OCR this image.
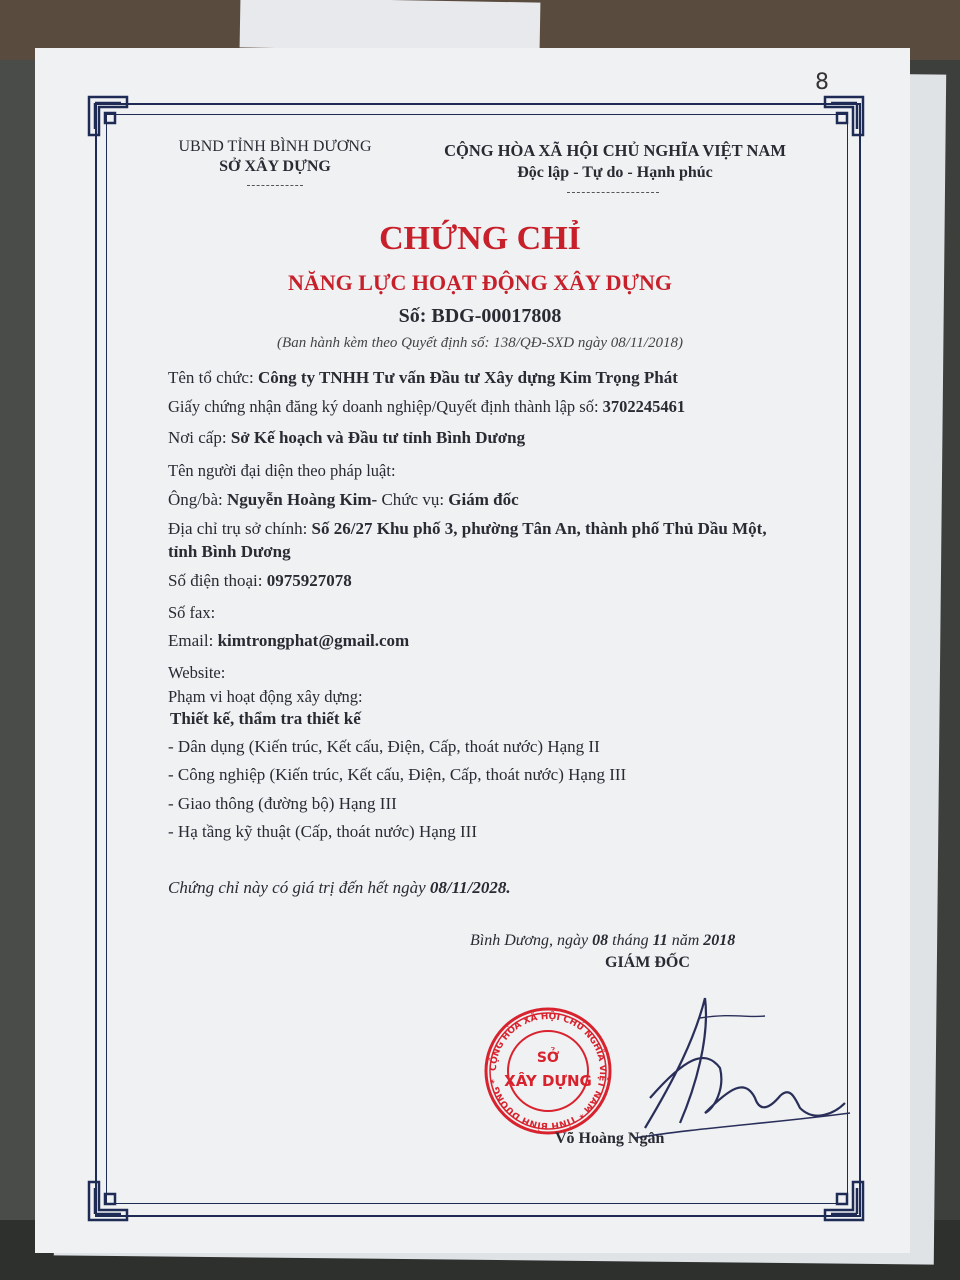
8
UBND TỈNH BÌNH DƯƠNG
SỞ XÂY DỰNG
CỘNG HÒA XÃ HỘI CHỦ NGHĨA VIỆT NAM
Độc lập - Tự do - Hạnh phúc
CHỨNG CHỈ
NĂNG LỰC HOẠT ĐỘNG XÂY DỰNG
Số: BDG-00017808
(Ban hành kèm theo Quyết định số: 138/QĐ-SXD ngày 08/11/2018)
Tên tổ chức: Công ty TNHH Tư vấn Đầu tư Xây dựng Kim Trọng Phát
Giấy chứng nhận đăng ký doanh nghiệp/Quyết định thành lập số: 3702245461
Nơi cấp: Sở Kế hoạch và Đầu tư tỉnh Bình Dương
Tên người đại diện theo pháp luật:
Ông/bà: Nguyễn Hoàng Kim- Chức vụ: Giám đốc
Địa chỉ trụ sở chính: Số 26/27 Khu phố 3, phường Tân An, thành phố Thủ Dầu Một,
tỉnh Bình Dương
Số điện thoại: 0975927078
Số fax:
Email: kimtrongphat@gmail.com
Website:
Phạm vi hoạt động xây dựng:
Thiết kế, thẩm tra thiết kế
- Dân dụng (Kiến trúc, Kết cấu, Điện, Cấp, thoát nước) Hạng II
- Công nghiệp (Kiến trúc, Kết cấu, Điện, Cấp, thoát nước) Hạng III
- Giao thông (đường bộ) Hạng III
- Hạ tầng kỹ thuật (Cấp, thoát nước) Hạng III
Chứng chỉ này có giá trị đến hết ngày 08/11/2028.
Bình Dương, ngày 08 tháng 11 năm 2018
GIÁM ĐỐC
CỘNG HÒA XÃ HỘI CHỦ NGHĨA VIỆT NAM * TỈNH BÌNH DƯƠNG *
SỞ
XÂY DỰNG
Võ Hoàng Ngân
